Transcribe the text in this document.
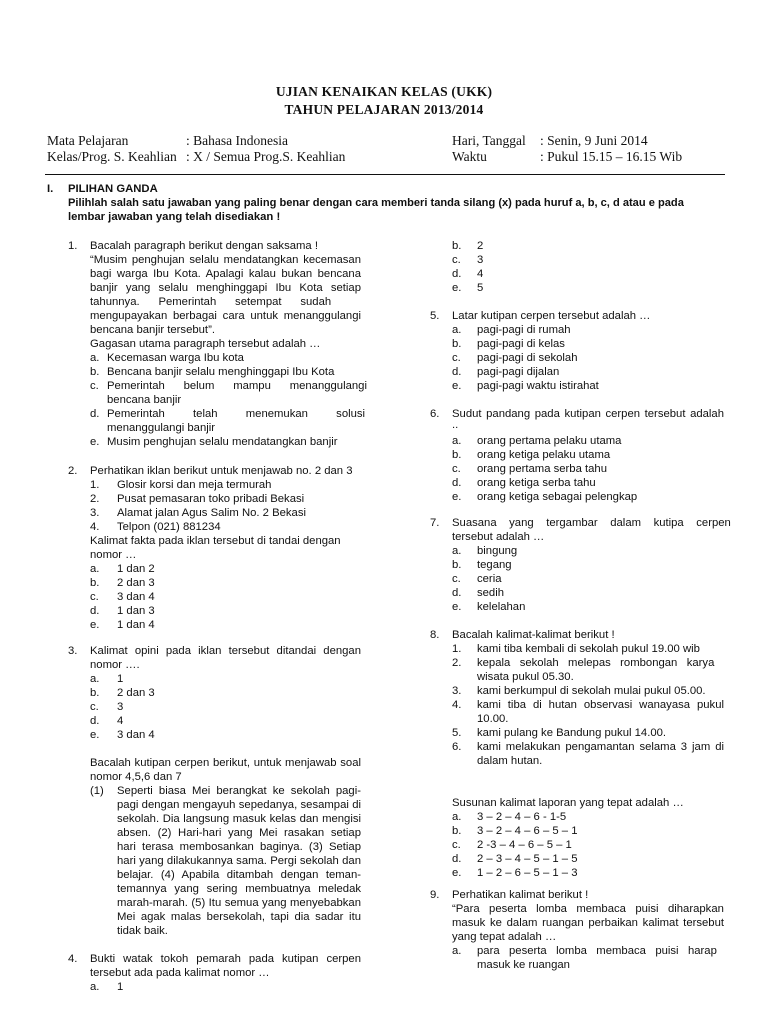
UJIAN KENAIKAN KELAS (UKK)
TAHUN PELAJARAN 2013/2014
Mata Pelajaran	: Bahasa Indonesia
Kelas/Prog. S. Keahlian : X / Semua Prog.S. Keahlian
Hari, Tanggal : Senin, 9 Juni 2014
Waktu	: Pukul 15.15 – 16.15 Wib
I. PILIHAN GANDA
Pilihlah salah satu jawaban yang paling benar dengan cara memberi tanda silang (x) pada huruf a, b, c, d atau e pada
lembar jawaban yang telah disediakan !
1. Bacalah paragraph berikut dengan saksama !
“Musim penghujan selalu mendatangkan kecemasan
bagi warga Ibu Kota. Apalagi kalau bukan bencana
banjir yang selalu menghinggapi Ibu Kota setiap
tahunnya.      Pemerintah      setempat      sudah
mengupayakan berbagai cara untuk menanggulangi
bencana banjir tersebut”.
Gagasan utama paragraph tersebut adalah …
a. Kecemasan warga Ibu kota
b. Bencana banjir selalu menghinggapi Ibu Kota
c. Pemerintah      belum      mampu      menanggulangi
bencana banjir
d. Pemerintah         telah         menemukan         solusi
menanggulangi banjir
e. Musim penghujan selalu mendatangkan banjir
2. Perhatikan iklan berikut untuk menjawab no. 2 dan 3
1. Glosir korsi dan meja termurah
2. Pusat pemasaran toko pribadi Bekasi
3. Alamat jalan Agus Salim No. 2 Bekasi
4. Telpon (021) 881234
Kalimat fakta pada iklan tersebut di tandai dengan
nomor …
a. 1 dan 2
b. 2 dan 3
c. 3 dan 4
d. 1 dan 3
e. 1 dan 4
3. Kalimat opini pada iklan tersebut ditandai dengan
nomor ….
a. 1
b. 2 dan 3
c. 3
d. 4
e. 3 dan 4
Bacalah kutipan cerpen berikut, untuk menjawab soal
nomor 4,5,6 dan 7
(1) Seperti biasa Mei berangkat ke sekolah pagi-
pagi dengan mengayuh sepedanya, sesampai di
sekolah. Dia langsung masuk kelas dan mengisi
absen. (2) Hari-hari yang Mei rasakan setiap
hari terasa membosankan baginya. (3) Setiap
hari yang dilakukannya sama. Pergi sekolah dan
belajar. (4) Apabila ditambah dengan teman-
temannya yang sering membuatnya meledak
marah-marah. (5) Itu semua yang menyebabkan
Mei agak malas bersekolah, tapi dia sadar itu
tidak baik.
4. Bukti watak tokoh pemarah pada kutipan cerpen
tersebut ada pada kalimat nomor …
a. 1
b. 2
c. 3
d. 4
e. 5
5. Latar kutipan cerpen tersebut adalah …
a. pagi-pagi di rumah
b. pagi-pagi di kelas
c. pagi-pagi di sekolah
d. pagi-pagi dijalan
e. pagi-pagi waktu istirahat
6. Sudut pandang pada kutipan cerpen tersebut adalah
..
a. orang pertama pelaku utama
b. orang ketiga pelaku utama
c. orang pertama serba tahu
d. orang ketiga serba tahu
e. orang ketiga sebagai pelengkap
7. Suasana    yang    tergambar    dalam    kutipa    cerpen
tersebut adalah …
a. bingung
b. tegang
c. ceria
d. sedih
e. kelelahan
8. Bacalah kalimat-kalimat berikut !
1. kami tiba kembali di sekolah pukul 19.00 wib
2. kepala   sekolah   melepas   rombongan   karya
wisata pukul 05.30.
3. kami berkumpul di sekolah mulai pukul 05.00.
4. kami tiba di hutan observasi wanayasa pukul
10.00.
5. kami pulang ke Bandung pukul 14.00.
6. kami melakukan pengamantan selama 3 jam di
dalam hutan.
Susunan kalimat laporan yang tepat adalah …
a. 3 – 2 – 4 – 6 - 1-5
b. 3 – 2 – 4 – 6 – 5 – 1
c. 2 -3 – 4 – 6 – 5 – 1
d. 2 – 3 – 4 – 5 – 1 – 5
e. 1 – 2 – 6 – 5 – 1 – 3
9. Perhatikan kalimat berikut !
“Para   peserta   lomba   membaca   puisi   diharapkan
masuk ke dalam ruangan perbaikan kalimat tersebut
yang tepat adalah …
a. para   peserta   lomba   membaca   puisi   harap
masuk ke ruangan
